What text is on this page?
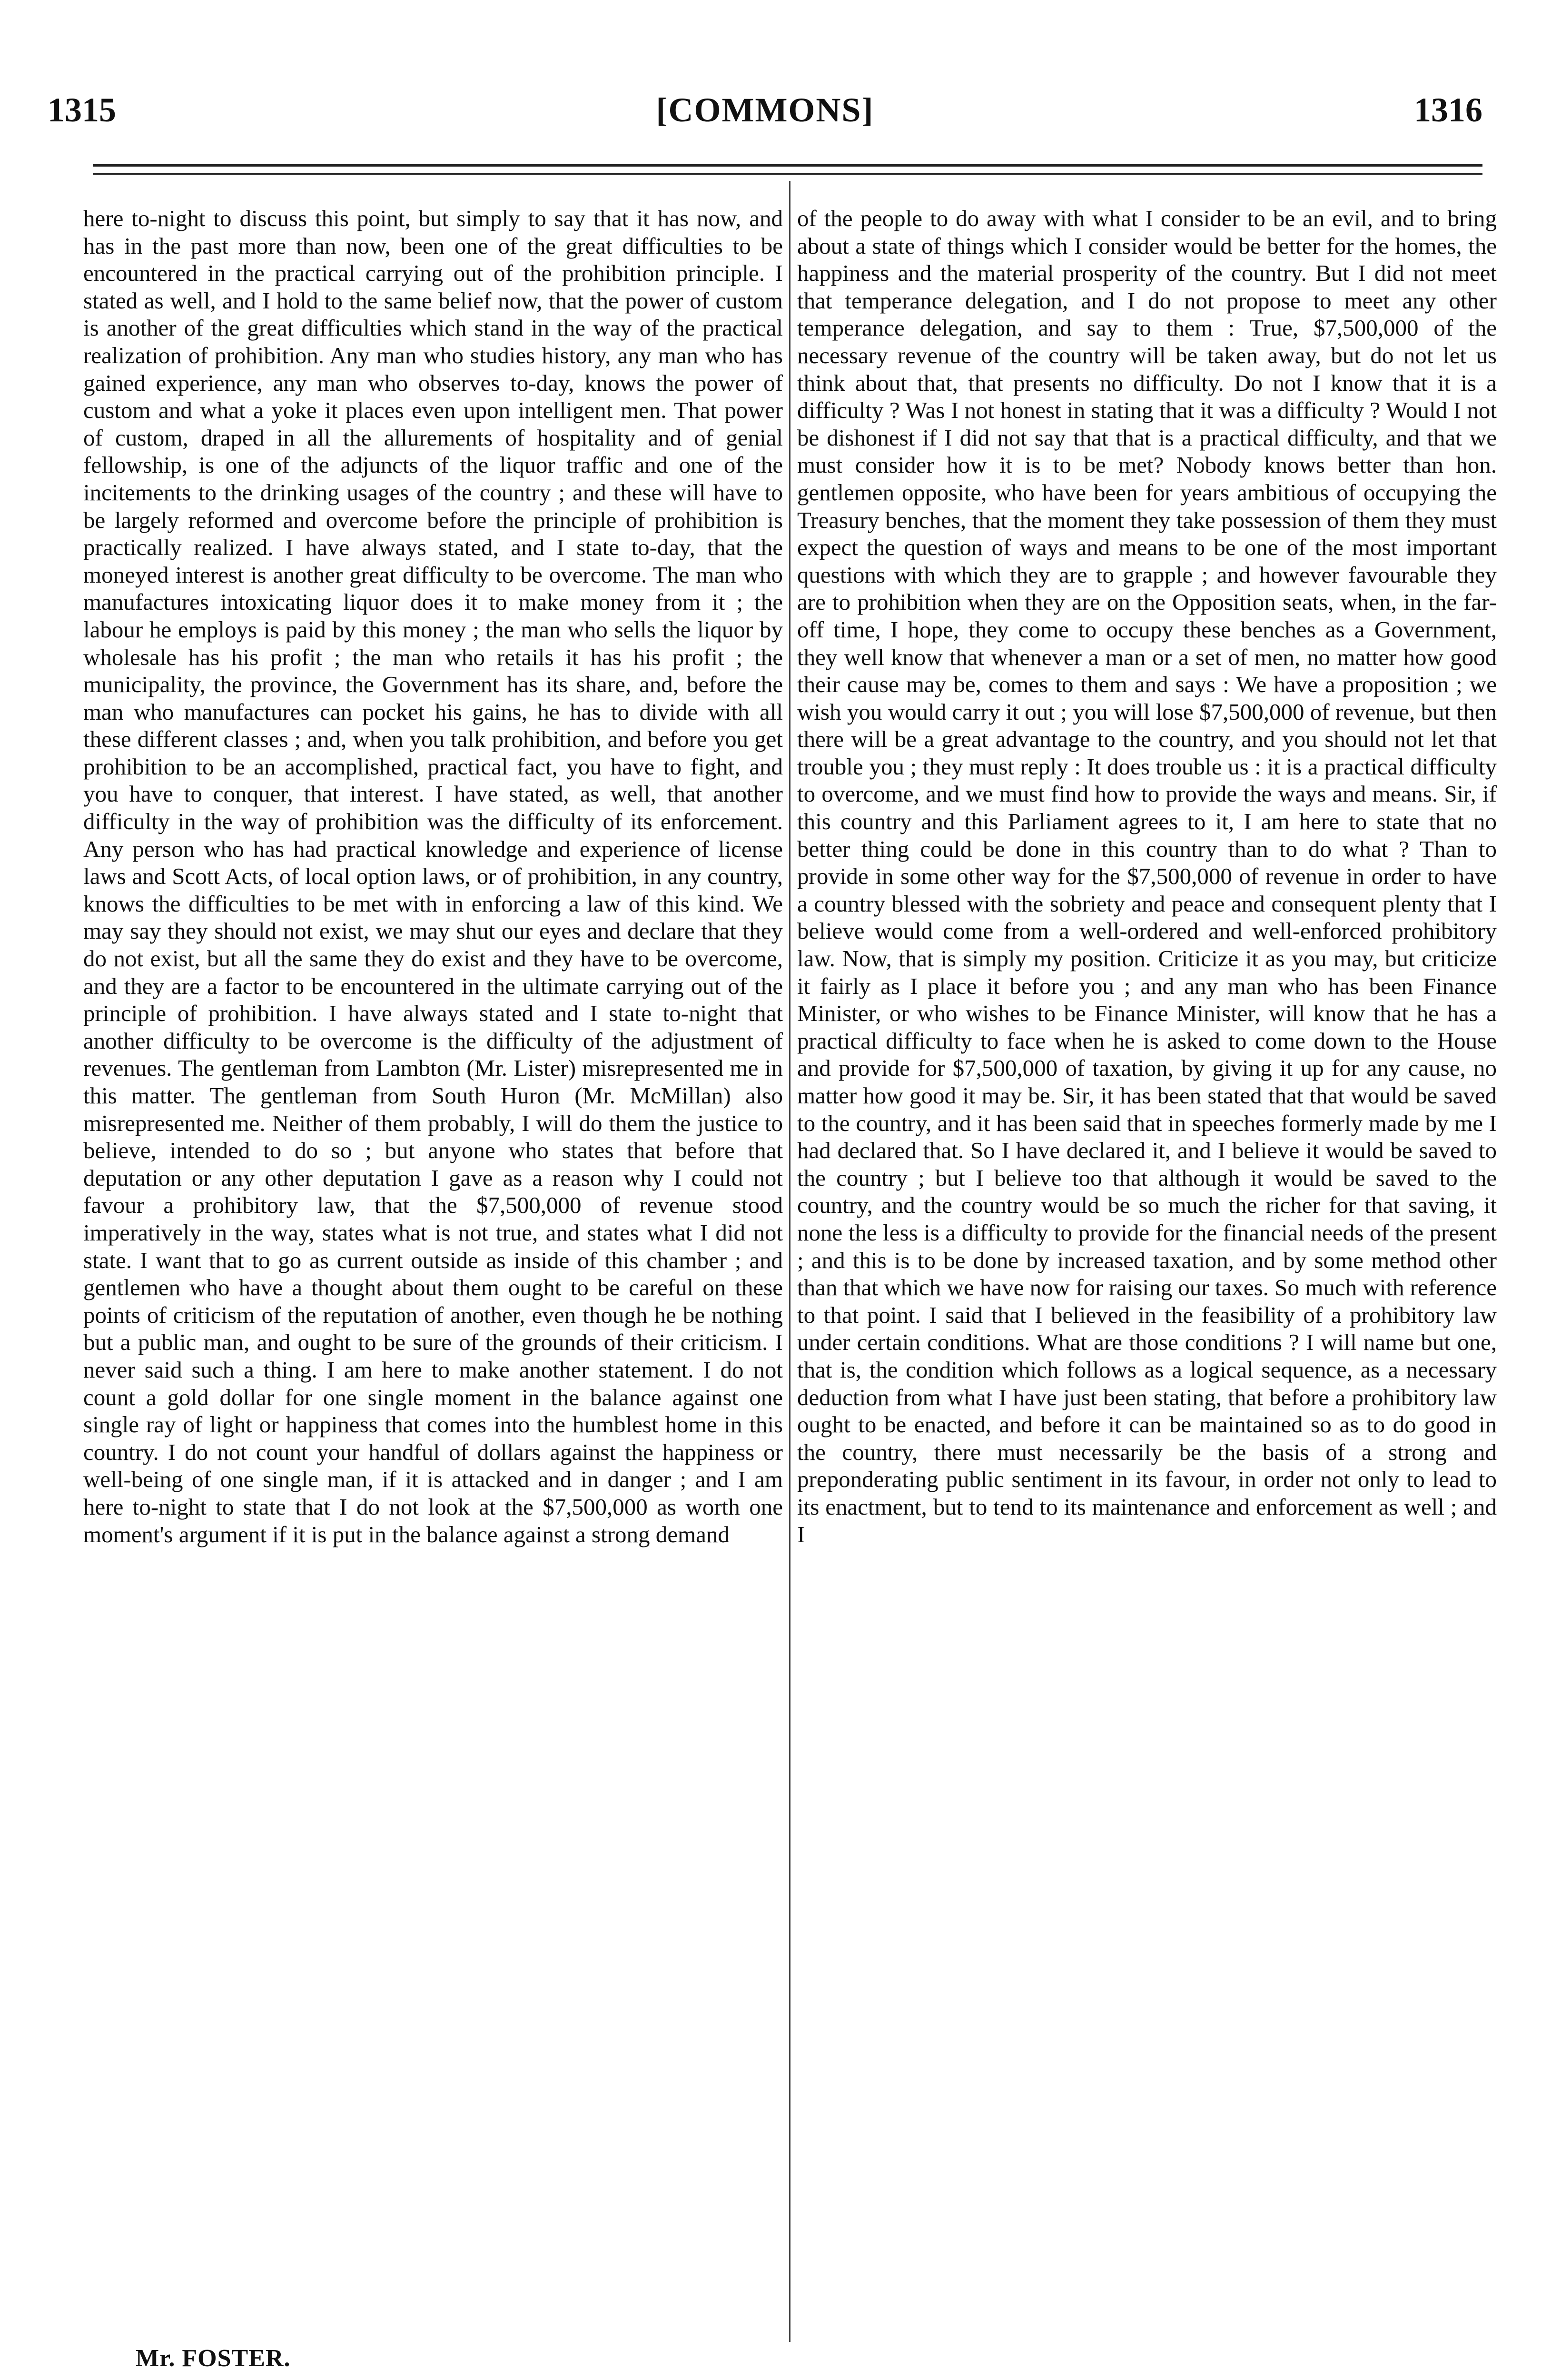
1315	[COMMONS]	1316

here to-night to discuss this point, but simply to say that it has now, and has in the past more than now, been one of the great difficulties to be encountered in the practical carrying out of the prohibition principle. I stated as well, and I hold to the same belief now, that the power of custom is another of the great difficulties which stand in the way of the practical realization of prohibition. Any man who studies history, any man who has gained experience, any man who observes to-day, knows the power of custom and what a yoke it places even upon intelligent men. That power of custom, draped in all the allurements of hospitality and of genial fellowship, is one of the adjuncts of the liquor traffic and one of the incitements to the drinking usages of the country ; and these will have to be largely reformed and overcome before the principle of prohibition is practically realized. I have always stated, and I state to-day, that the moneyed interest is another great difficulty to be overcome. The man who manufactures intoxicating liquor does it to make money from it ; the labour he employs is paid by this money ; the man who sells the liquor by wholesale has his profit ; the man who retails it has his profit ; the municipality, the province, the Government has its share, and, before the man who manufactures can pocket his gains, he has to divide with all these different classes ; and, when you talk prohibition, and before you get prohibition to be an accomplished, practical fact, you have to fight, and you have to conquer, that interest. I have stated, as well, that another difficulty in the way of prohibition was the difficulty of its enforcement. Any person who has had practical knowledge and experience of license laws and Scott Acts, of local option laws, or of prohibition, in any country, knows the difficulties to be met with in enforcing a law of this kind. We may say they should not exist, we may shut our eyes and declare that they do not exist, but all the same they do exist and they have to be overcome, and they are a factor to be encountered in the ultimate carrying out of the principle of prohibition. I have always stated and I state to-night that another difficulty to be overcome is the difficulty of the adjustment of revenues. The gentleman from Lambton (Mr. Lister) misrepresented me in this matter. The gentleman from South Huron (Mr. McMillan) also misrepresented me. Neither of them probably, I will do them the justice to believe, intended to do so ; but anyone who states that before that deputation or any other deputation I gave as a reason why I could not favour a prohibitory law, that the $7,500,000 of revenue stood imperatively in the way, states what is not true, and states what I did not state. I want that to go as current outside as inside of this chamber ; and gentlemen who have a thought about them ought to be careful on these points of criticism of the reputation of another, even though he be nothing but a public man, and ought to be sure of the grounds of their criticism. I never said such a thing. I am here to make another statement. I do not count a gold dollar for one single moment in the balance against one single ray of light or happiness that comes into the humblest home in this country. I do not count your handful of dollars against the happiness or well-being of one single man, if it is attacked and in danger ; and I am here to-night to state that I do not look at the $7,500,000 as worth one moment's argument if it is put in the balance against a strong demand

of the people to do away with what I consider to be an evil, and to bring about a state of things which I consider would be better for the homes, the happiness and the material prosperity of the country. But I did not meet that temperance delegation, and I do not propose to meet any other temperance delegation, and say to them : True, $7,500,000 of the necessary revenue of the country will be taken away, but do not let us think about that, that presents no difficulty. Do not I know that it is a difficulty ? Was I not honest in stating that it was a difficulty ? Would I not be dishonest if I did not say that that is a practical difficulty, and that we must consider how it is to be met? Nobody knows better than hon. gentlemen opposite, who have been for years ambitious of occupying the Treasury benches, that the moment they take possession of them they must expect the question of ways and means to be one of the most important questions with which they are to grapple ; and however favourable they are to prohibition when they are on the Opposition seats, when, in the far-off time, I hope, they come to occupy these benches as a Government, they well know that whenever a man or a set of men, no matter how good their cause may be, comes to them and says : We have a proposition ; we wish you would carry it out ; you will lose $7,500,000 of revenue, but then there will be a great advantage to the country, and you should not let that trouble you ; they must reply : It does trouble us : it is a practical difficulty to overcome, and we must find how to provide the ways and means. Sir, if this country and this Parliament agrees to it, I am here to state that no better thing could be done in this country than to do what ? Than to provide in some other way for the $7,500,000 of revenue in order to have a country blessed with the sobriety and peace and consequent plenty that I believe would come from a well-ordered and well-enforced prohibitory law. Now, that is simply my position. Criticize it as you may, but criticize it fairly as I place it before you ; and any man who has been Finance Minister, or who wishes to be Finance Minister, will know that he has a practical difficulty to face when he is asked to come down to the House and provide for $7,500,000 of taxation, by giving it up for any cause, no matter how good it may be. Sir, it has been stated that that would be saved to the country, and it has been said that in speeches formerly made by me I had declared that. So I have declared it, and I believe it would be saved to the country ; but I believe too that although it would be saved to the country, and the country would be so much the richer for that saving, it none the less is a difficulty to provide for the financial needs of the present ; and this is to be done by increased taxation, and by some method other than that which we have now for raising our taxes. So much with reference to that point. I said that I believed in the feasibility of a prohibitory law under certain conditions. What are those conditions ? I will name but one, that is, the condition which follows as a logical sequence, as a necessary deduction from what I have just been stating, that before a prohibitory law ought to be enacted, and before it can be maintained so as to do good in the country, there must necessarily be the basis of a strong and preponderating public sentiment in its favour, in order not only to lead to its enactment, but to tend to its maintenance and enforcement as well ; and I

Mr. FOSTER.
